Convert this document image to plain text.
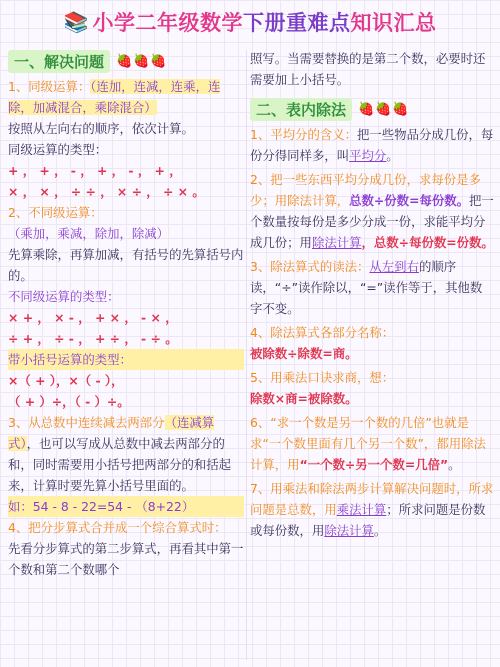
📚 小学二年级数学下册重难点知识汇总
一、解决问题 🍓🍓🍓

1、同级运算：（连加，连减，连乘，连除，加减混合，乘除混合）

按照从左向右的顺序，依次计算。

同级运算的类型：

+ ， + ， - ， + ， - ， + ，

× ， × ， ÷ ÷ ， × ÷ ， ÷ × 。

2、不同级运算：

（乘加，乘减，除加，除减）

先算乘除，再算加减，有括号的先算括号内的。

不同级运算的类型：

× + ， × - ， + × ， - × ，

÷ + ， ÷ - ， + ÷ ， - ÷ 。

带小括号运算的类型：

×（ + ），×（ - ），

（ + ）÷，（ - ）÷。

3、从总数中连续减去两部分（连减算式），也可以写成从总数中减去两部分的和，同时需要用小括号把两部分的和括起来，计算时要先算小括号里面的。

如：54 - 8 - 22=54 - （8+22）

4、把分步算式合并成一个综合算式时：

先看分步算式的第二步算式，再看其中第一个数和第二个数哪个

照写。当需要替换的是第二个数，必要时还需要加上小括号。

二、表内除法 🍓🍓🍓

1、平均分的含义：把一些物品分成几份，每份分得同样多，叫平均分。

2、把一些东西平均分成几份，求每份是多少；用除法计算，总数÷份数=每份数。把一个数量按每份是多少分成一份，求能平均分成几份；用除法计算，总数÷每份数=份数。

3、除法算式的读法：从左到右的顺序读，“÷”读作除以，“=”读作等于，其他数字不变。

4、除法算式各部分名称：

被除数÷除数=商。

5、用乘法口诀求商，想：

除数×商=被除数。

6、“求一个数是另一个数的几倍”也就是求“一个数里面有几个另一个数”，都用除法计算，用“一个数÷另一个数=几倍”。

7、用乘法和除法两步计算解决问题时，所求问题是总数，用乘法计算；所求问题是份数或每份数，用除法计算。
